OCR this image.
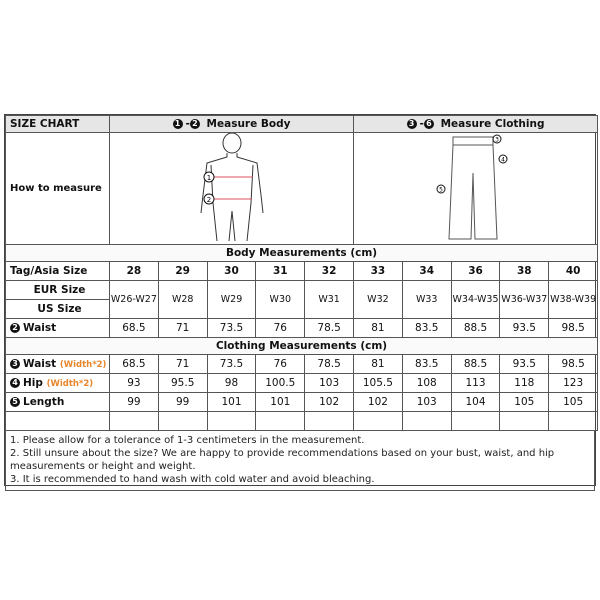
SIZE CHART	1 - 2 Measure Body					3 - 6 Measure Clothing				
How to measure	1
2					3
4
5				

Body Measurements (cm)										
Tag/Asia Size	28	29	30	31	32	33	34	36	38	40
EUR Size	W26-W27	W28	W29	W30	W31	W32	W33	W34-W35	W36-W37	W38-W39
US Size										
2 Waist	68.5	71	73.5	76	78.5	81	83.5	88.5	93.5	98.5
Clothing Measurements (cm)										
3 Waist (Width*2)	68.5	71	73.5	76	78.5	81	83.5	88.5	93.5	98.5
4 Hip (Width*2)	93	95.5	98	100.5	103	105.5	108	113	118	123
5 Length	99	99	101	101	102	102	103	104	105	105

1. Please allow for a tolerance of 1-3 centimeters in the measurement.
2. Still unsure about the size? We are happy to provide recommendations based on your bust, waist, and hip measurements or height and weight.
3. It is recommended to hand wash with cold water and avoid bleaching.
